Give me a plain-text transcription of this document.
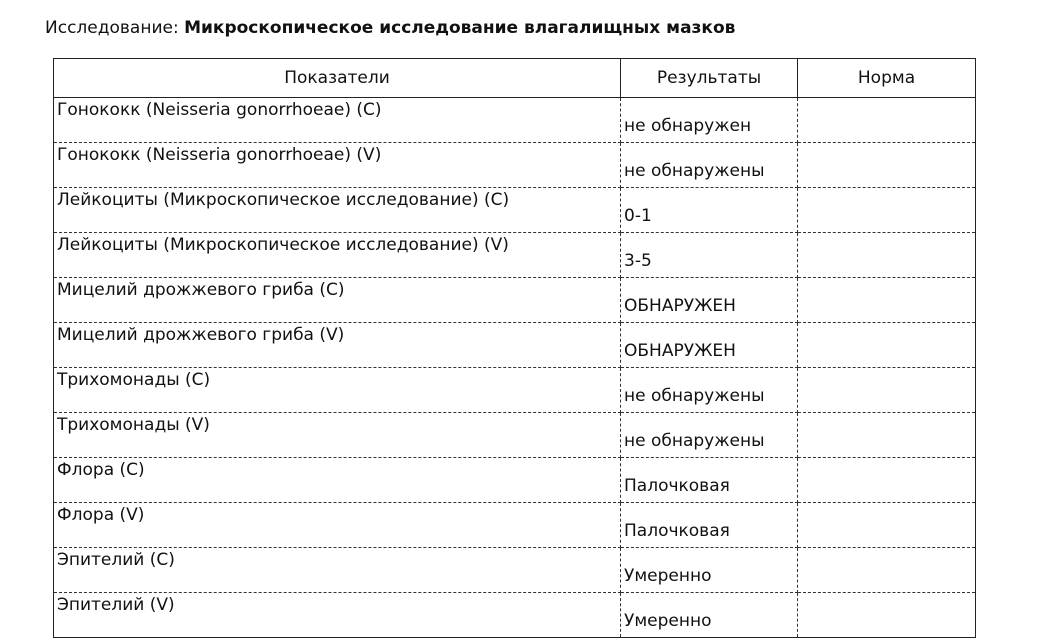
Исследование: Микроскопическое исследование влагалищных мазков
Показатели	Результаты	Норма
Гонококк (Neisseria gonorrhoeae) (C)	не обнаружен	
Гонококк (Neisseria gonorrhoeae) (V)	не обнаружены	
Лейкоциты (Микроскопическое исследование) (C)	0-1	
Лейкоциты (Микроскопическое исследование) (V)	3-5	
Мицелий дрожжевого гриба (C)	ОБНАРУЖЕН	
Мицелий дрожжевого гриба (V)	ОБНАРУЖЕН	
Трихомонады (C)	не обнаружены	
Трихомонады (V)	не обнаружены	
Флора (C)	Палочковая	
Флора (V)	Палочковая	
Эпителий (C)	Умеренно	
Эпителий (V)	Умеренно	
